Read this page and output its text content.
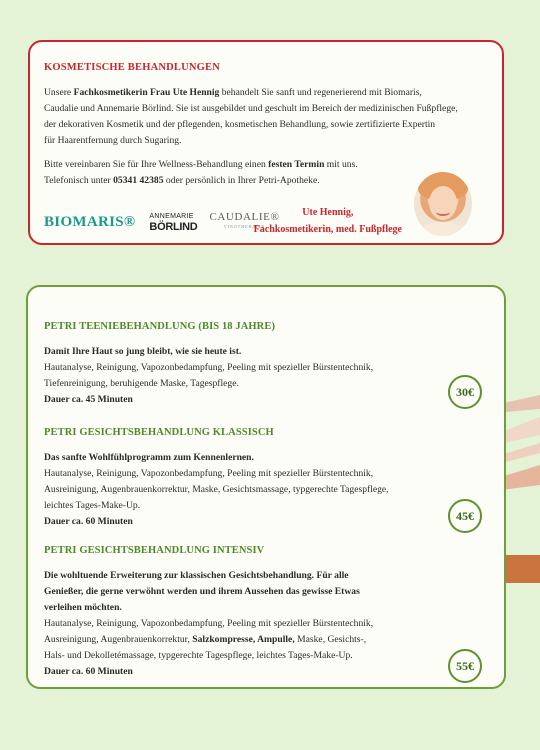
KOSMETISCHE BEHANDLUNGEN

Unsere Fachkosmetikerin Frau Ute Hennig behandelt Sie sanft und regenerierend mit Biomaris,
Caudalie und Annemarie Börlind. Sie ist ausgebildet und geschult im Bereich der medizinischen Fußpflege,
der dekorativen Kosmetik und der pflegenden, kosmetischen Behandlung, sowie zertifizierte Expertin
für Haarentfernung durch Sugaring.

Bitte vereinbaren Sie für Ihre Wellness-Behandlung einen festen Termin mit uns.
Telefonisch unter 05341 42385 oder persönlich in Ihrer Petri-Apotheke.

BIOMARIS® ANNEMARIE
BÖRLIND
CAUDALIE®
VINOTHERAPIE
Ute Hennig,
Fachkosmetikerin, med. Fußpflege
PETRI TEENIEBEHANDLUNG (BIS 18 JAHRE)

Damit Ihre Haut so jung bleibt, wie sie heute ist.
Hautanalyse, Reinigung, Vapozonbedampfung, Peeling mit spezieller Bürstentechnik,
Tiefenreinigung, beruhigende Maske, Tagespflege.
Dauer ca. 45 Minuten

30€
PETRI GESICHTSBEHANDLUNG KLASSISCH

Das sanfte Wohlfühlprogramm zum Kennenlernen.
Hautanalyse, Reinigung, Vapozonbedampfung, Peeling mit spezieller Bürstentechnik,
Ausreinigung, Augenbrauenkorrektur, Maske, Gesichtsmassage, typgerechte Tagespflege,
leichtes Tages-Make-Up.
Dauer ca. 60 Minuten	45€
PETRI GESICHTSBEHANDLUNG INTENSIV

Die wohltuende Erweiterung zur klassischen Gesichtsbehandlung. Für alle
Genießer, die gerne verwöhnt werden und ihrem Aussehen das gewisse Etwas
verleihen möchten.
Hautanalyse, Reinigung, Vapozonbedampfung, Peeling mit spezieller Bürstentechnik,
Ausreinigung, Augenbrauenkorrektur, Salzkompresse, Ampulle, Maske, Gesichts-,
Hals- und Dekolletémassage, typgerechte Tagespflege, leichtes Tages-Make-Up.
Dauer ca. 60 Minuten	55€
